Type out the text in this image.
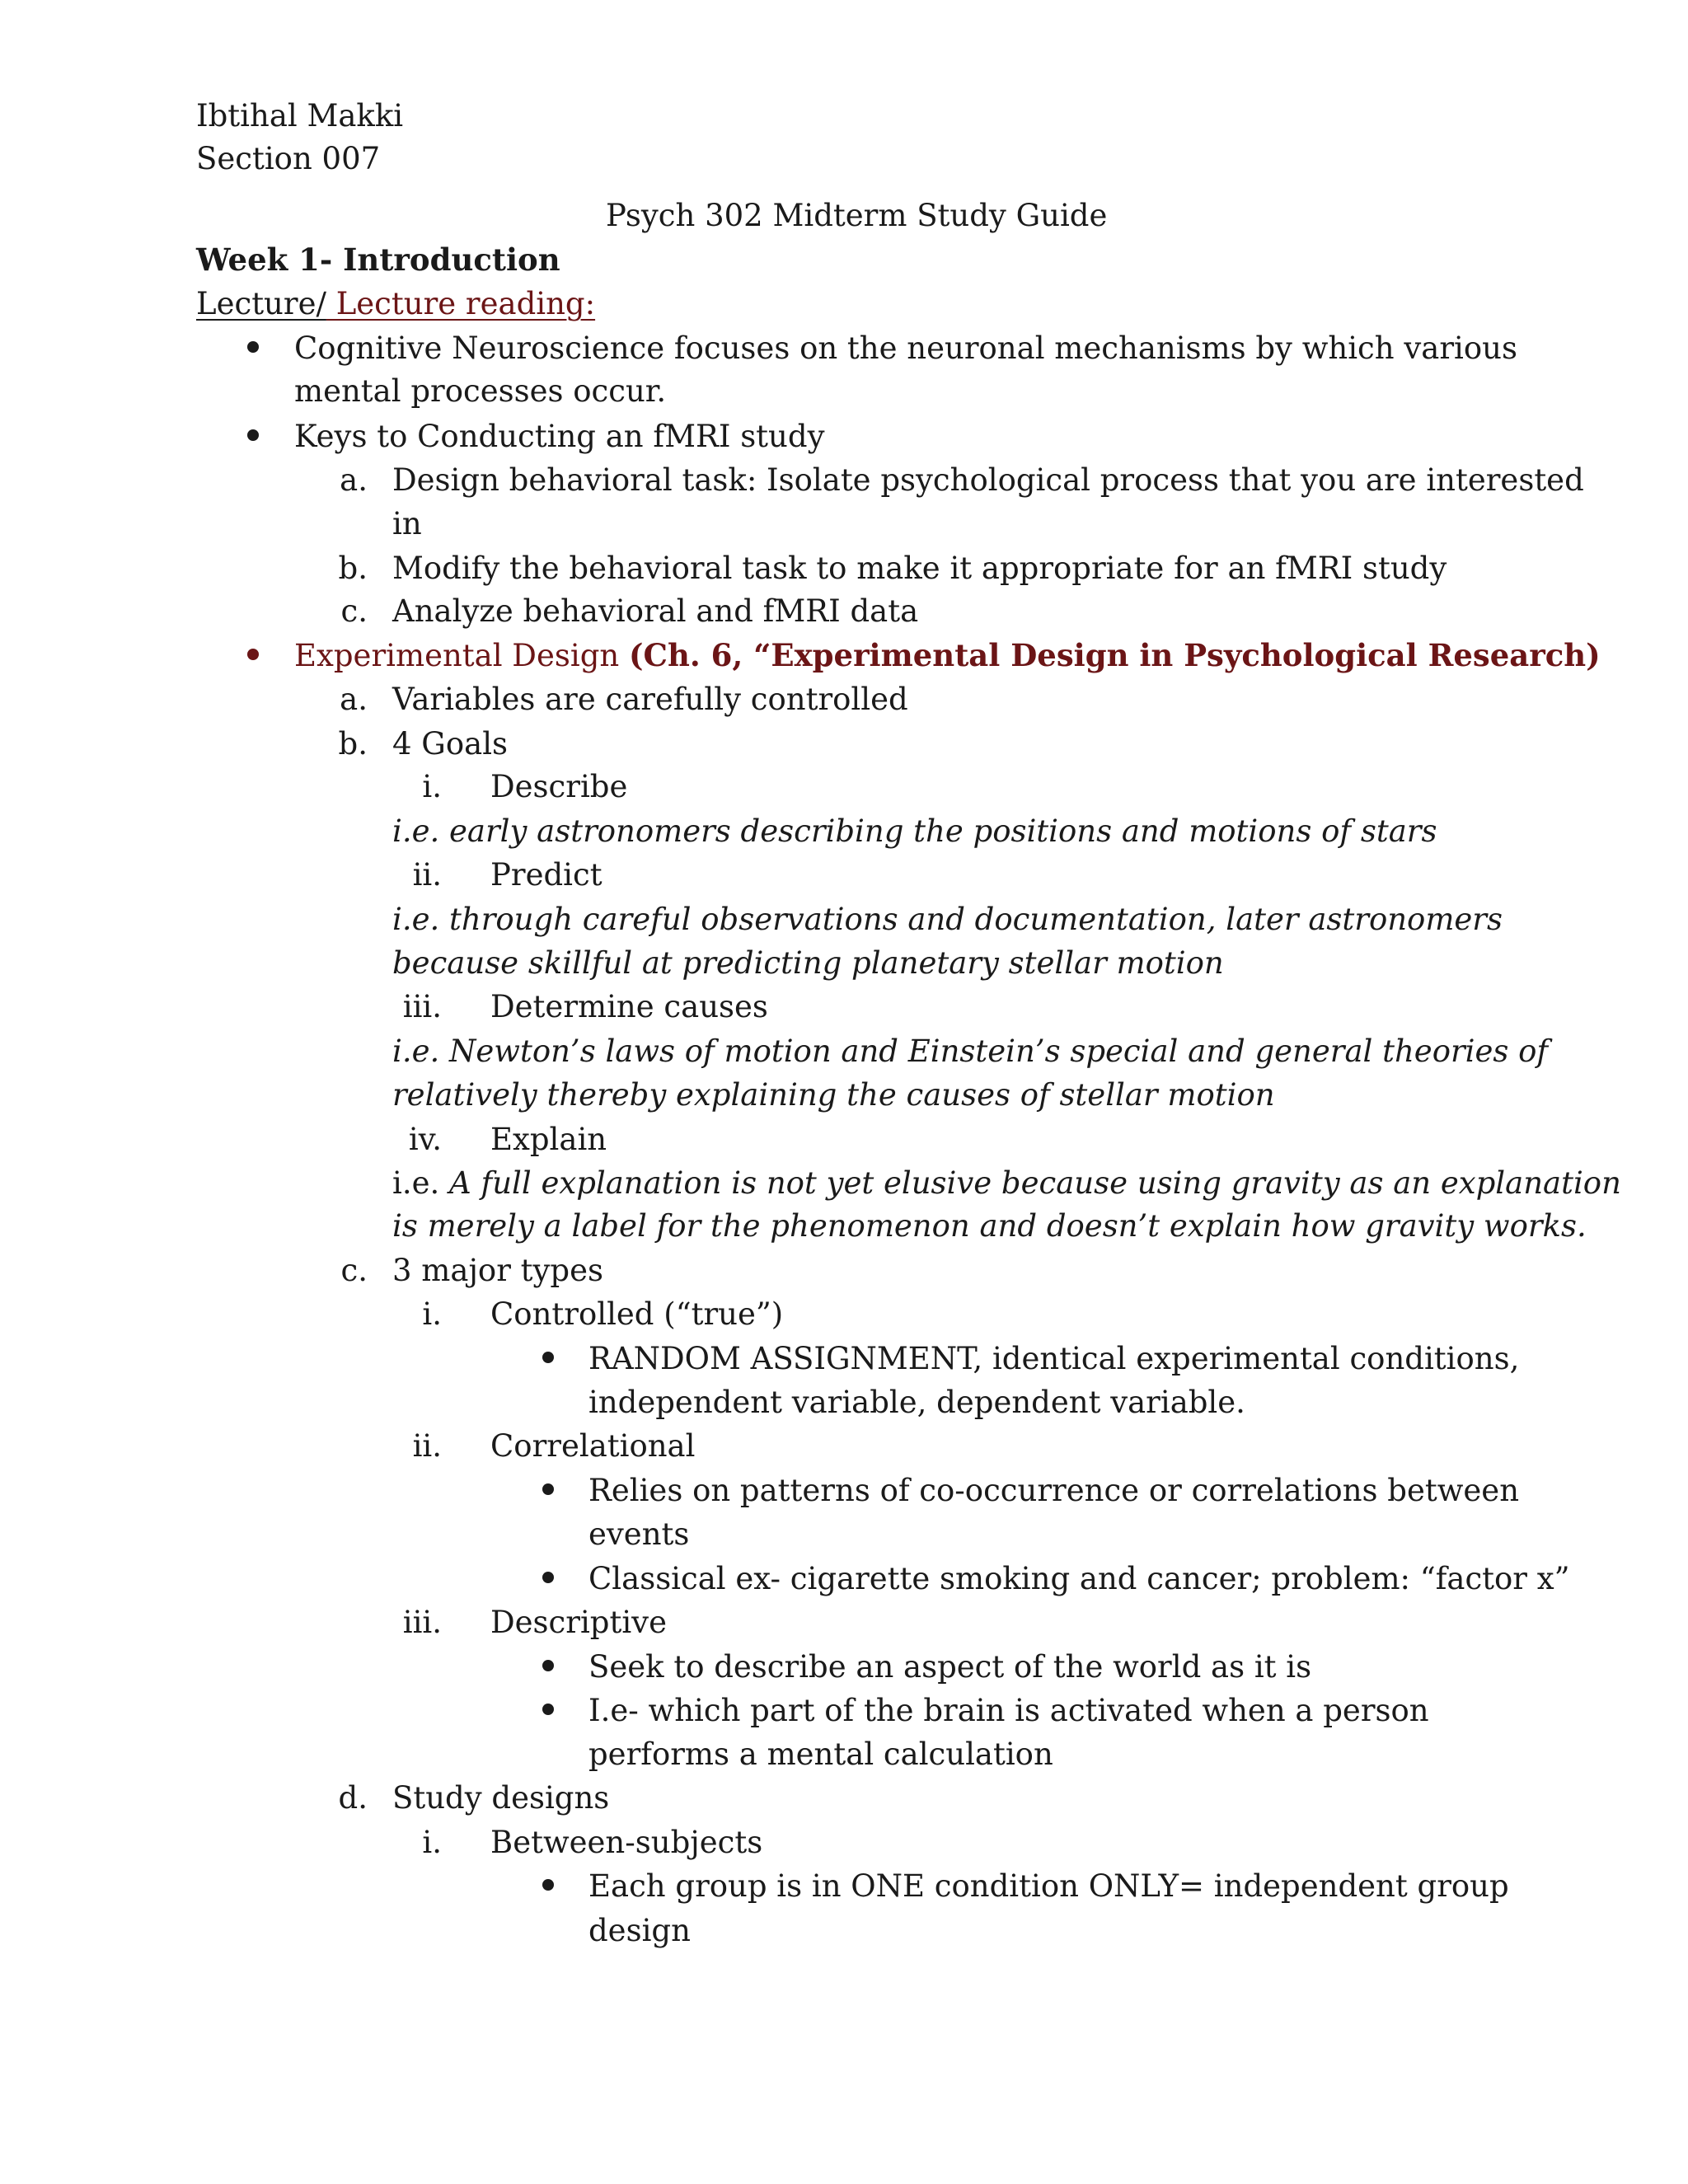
Ibtihal Makki
Section 007
Psych 302 Midterm Study Guide
Week 1- Introduction
Lecture/ Lecture reading:
Cognitive Neuroscience focuses on the neuronal mechanisms by which various
mental processes occur.
Keys to Conducting an fMRI study
a. Design behavioral task: Isolate psychological process that you are interested
in
b. Modify the behavioral task to make it appropriate for an fMRI study
c. Analyze behavioral and fMRI data
Experimental Design (Ch. 6, “Experimental Design in Psychological Research)
a. Variables are carefully controlled
b. 4 Goals
i. Describe
i.e. early astronomers describing the positions and motions of stars
ii. Predict
i.e. through careful observations and documentation, later astronomers
because skillful at predicting planetary stellar motion
iii. Determine causes
i.e. Newton’s laws of motion and Einstein’s special and general theories of
relatively thereby explaining the causes of stellar motion
iv. Explain
i.e. A full explanation is not yet elusive because using gravity as an explanation
is merely a label for the phenomenon and doesn’t explain how gravity works.
c. 3 major types
i. Controlled (“true”)
RANDOM ASSIGNMENT, identical experimental conditions,
independent variable, dependent variable.
ii. Correlational
Relies on patterns of co-occurrence or correlations between
events
Classical ex- cigarette smoking and cancer; problem: “factor x”
iii. Descriptive
Seek to describe an aspect of the world as it is
I.e- which part of the brain is activated when a person
performs a mental calculation
d. Study designs
i. Between-subjects
Each group is in ONE condition ONLY= independent group
design
